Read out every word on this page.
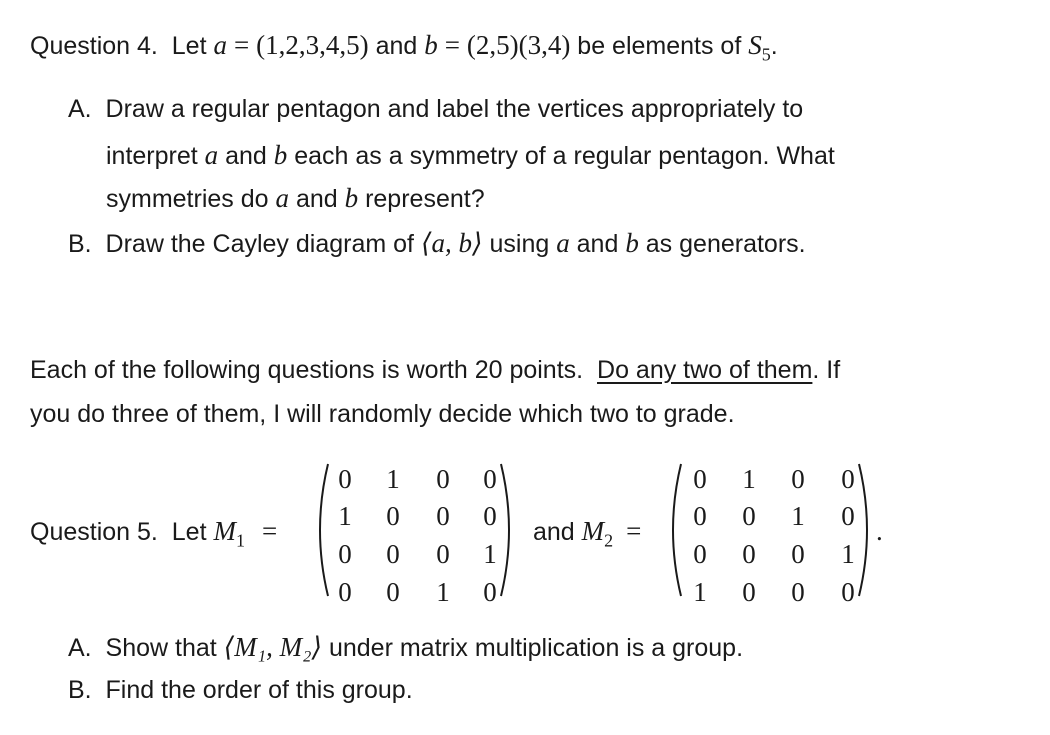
Question 4. Let a = (1,2,3,4,5) and b = (2,5)(3,4) be elements of $S_5$.
A. Draw a regular pentagon and label the vertices appropriately to
interpret a and b each as a symmetry of a regular pentagon. What
symmetries do a and b represent?
B. Draw the Cayley diagram of ⟨a, b⟩ using a and b as generators.
Each of the following questions is worth 20 points. Do any two of them. If
you do three of them, I will randomly decide which two to grade.
Question 5. Let $M_1$ =
0	1	0	0
1	0	0	0
0	0	0	1
0	0	1	0
and $M_2$ =
0	1	0	0
0	0	1	0
0	0	0	1
1	0	0	0
.
A. Show that ⟨M₁, M₂⟩ under matrix multiplication is a group.
B. Find the order of this group.
